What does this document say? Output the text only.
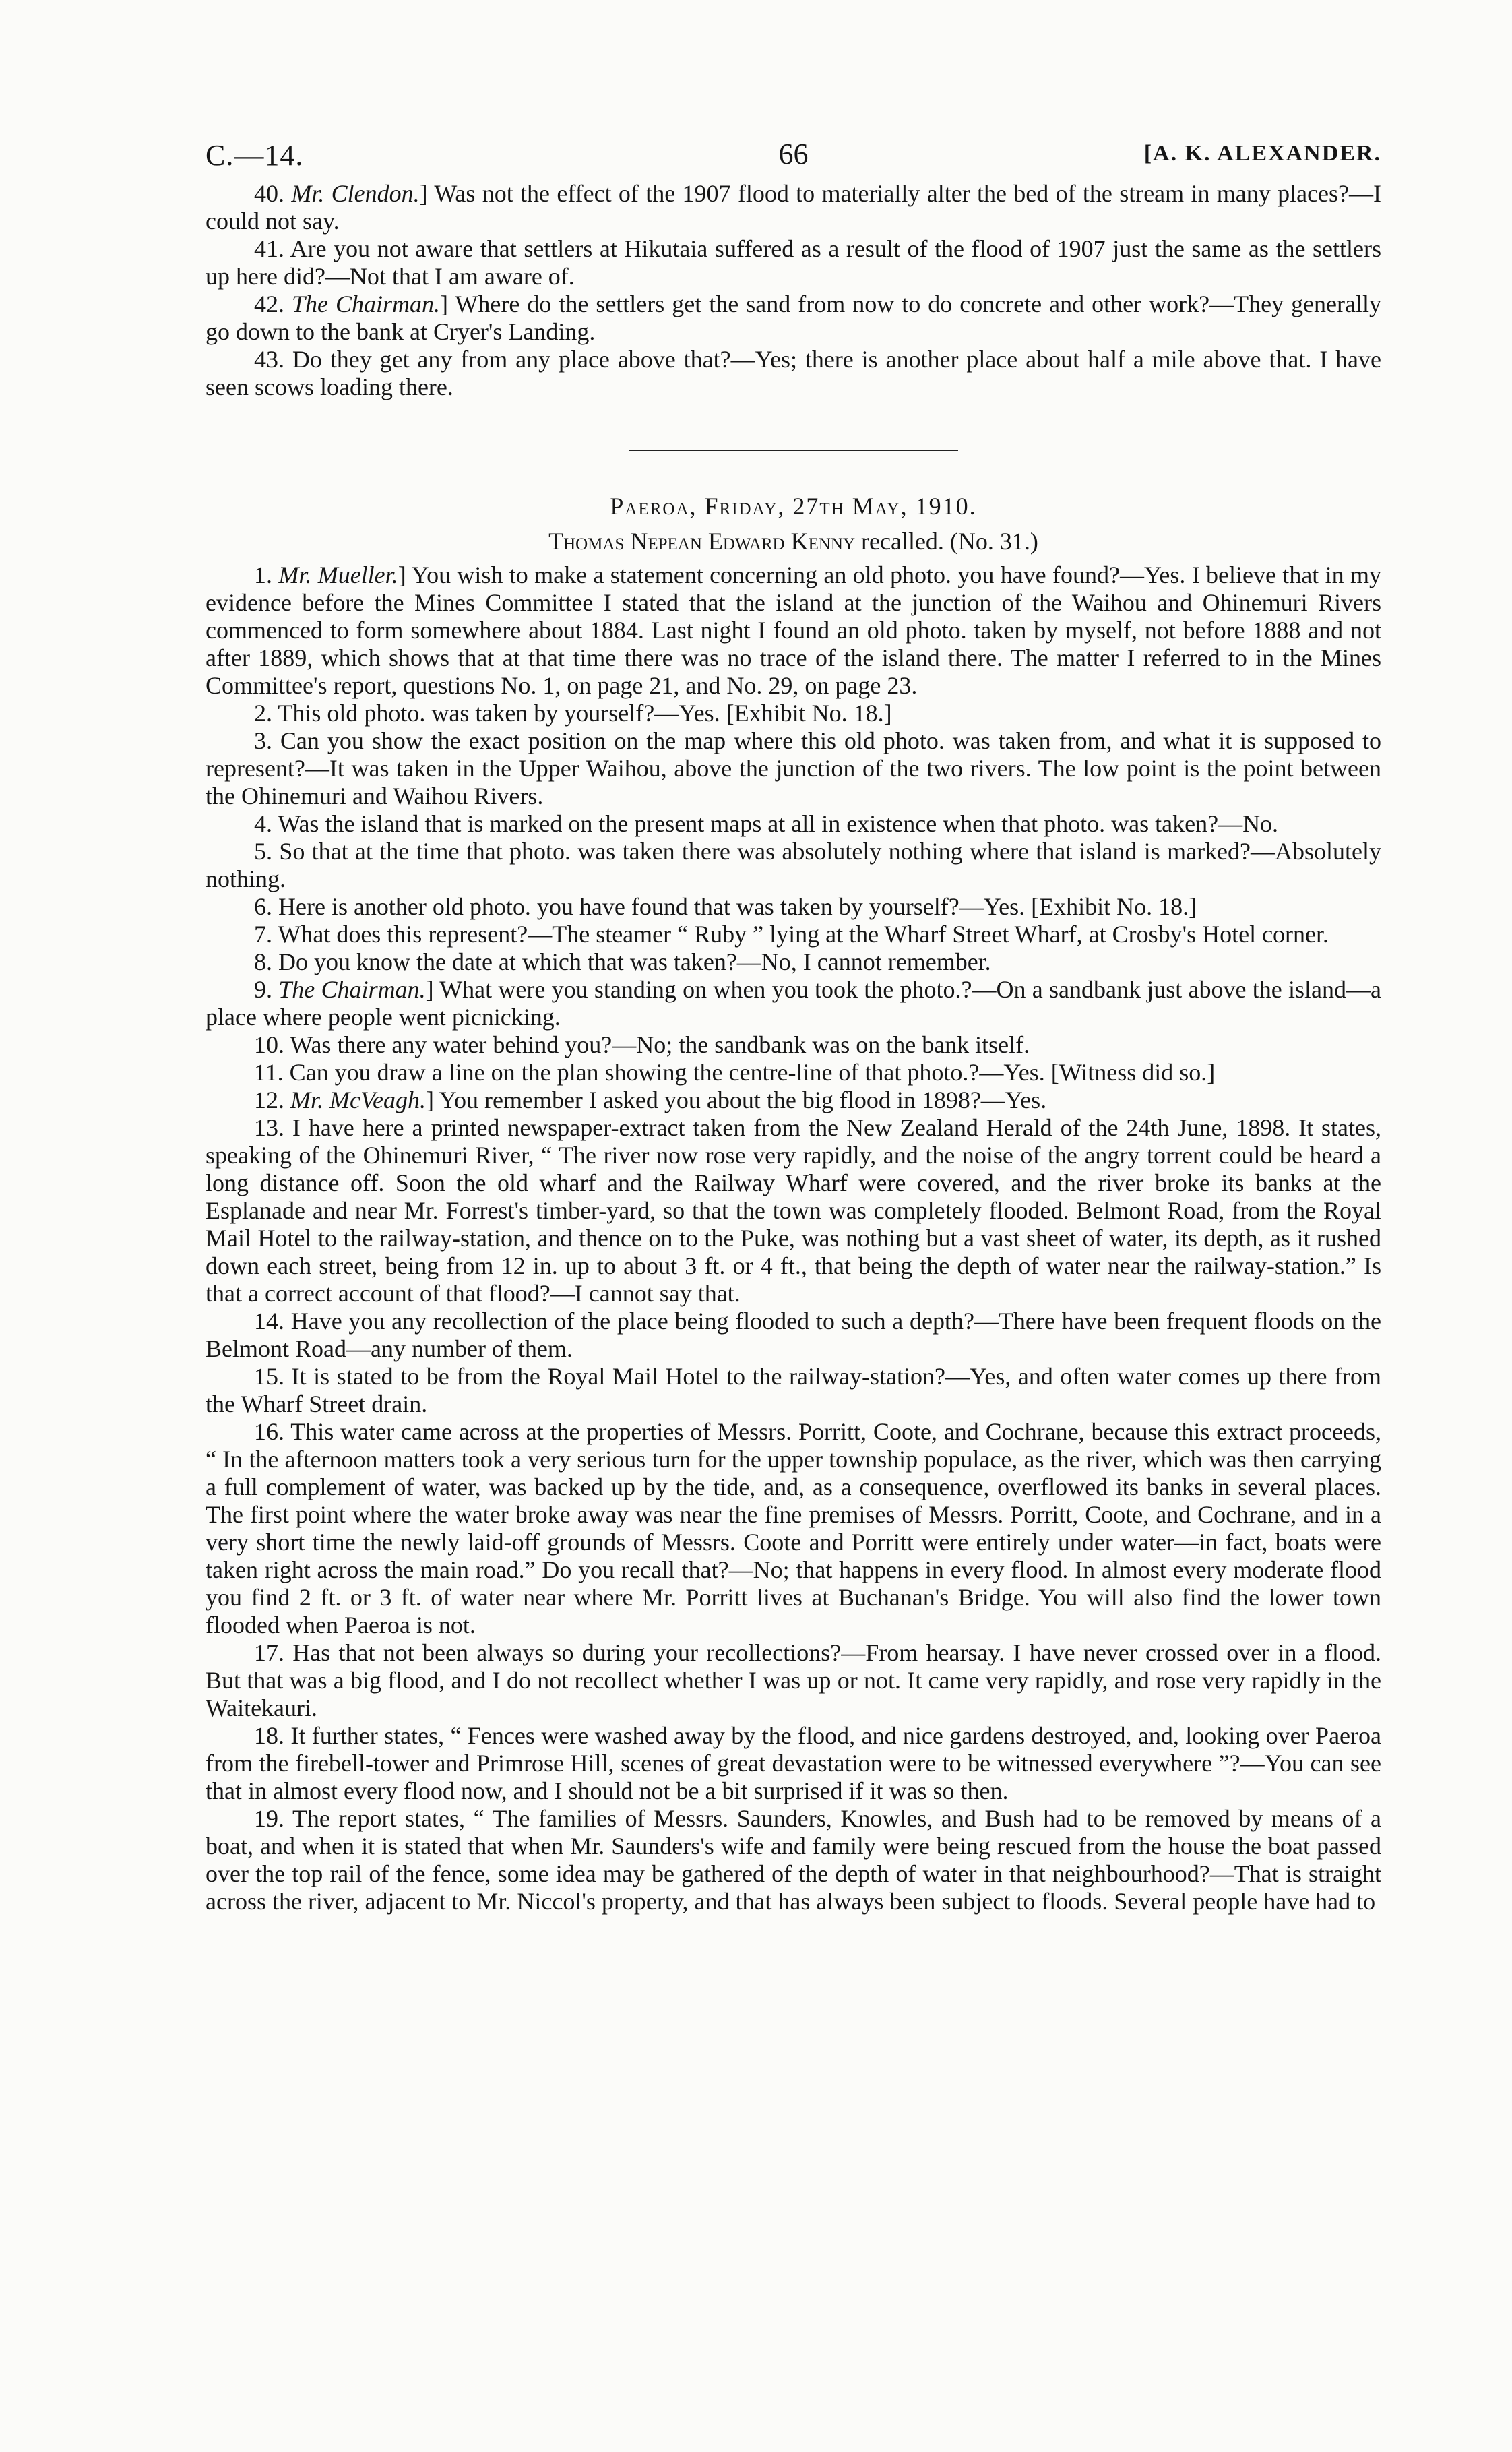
C.—14.	66	[A. K. ALEXANDER.

40. Mr. Clendon.] Was not the effect of the 1907 flood to materially alter the bed of the stream in many places?—I could not say.

41. Are you not aware that settlers at Hikutaia suffered as a result of the flood of 1907 just the same as the settlers up here did?—Not that I am aware of.

42. The Chairman.] Where do the settlers get the sand from now to do concrete and other work?—They generally go down to the bank at Cryer's Landing.

43. Do they get any from any place above that?—Yes; there is another place about half a mile above that. I have seen scows loading there.

Paeroa, Friday, 27th May, 1910.

Thomas Nepean Edward Kenny recalled. (No. 31.)

1. Mr. Mueller.] You wish to make a statement concerning an old photo. you have found?—Yes. I believe that in my evidence before the Mines Committee I stated that the island at the junction of the Waihou and Ohinemuri Rivers commenced to form somewhere about 1884. Last night I found an old photo. taken by myself, not before 1888 and not after 1889, which shows that at that time there was no trace of the island there. The matter I referred to in the Mines Committee's report, questions No. 1, on page 21, and No. 29, on page 23.

2. This old photo. was taken by yourself?—Yes. [Exhibit No. 18.]

3. Can you show the exact position on the map where this old photo. was taken from, and what it is supposed to represent?—It was taken in the Upper Waihou, above the junction of the two rivers. The low point is the point between the Ohinemuri and Waihou Rivers.

4. Was the island that is marked on the present maps at all in existence when that photo. was taken?—No.

5. So that at the time that photo. was taken there was absolutely nothing where that island is marked?—Absolutely nothing.

6. Here is another old photo. you have found that was taken by yourself?—Yes. [Exhibit No. 18.]

7. What does this represent?—The steamer “ Ruby ” lying at the Wharf Street Wharf, at Crosby's Hotel corner.

8. Do you know the date at which that was taken?—No, I cannot remember.

9. The Chairman.] What were you standing on when you took the photo.?—On a sandbank just above the island—a place where people went picnicking.

10. Was there any water behind you?—No; the sandbank was on the bank itself.

11. Can you draw a line on the plan showing the centre-line of that photo.?—Yes. [Witness did so.]

12. Mr. McVeagh.] You remember I asked you about the big flood in 1898?—Yes.

13. I have here a printed newspaper-extract taken from the New Zealand Herald of the 24th June, 1898. It states, speaking of the Ohinemuri River, “ The river now rose very rapidly, and the noise of the angry torrent could be heard a long distance off. Soon the old wharf and the Railway Wharf were covered, and the river broke its banks at the Esplanade and near Mr. Forrest's timber-yard, so that the town was completely flooded. Belmont Road, from the Royal Mail Hotel to the railway-station, and thence on to the Puke, was nothing but a vast sheet of water, its depth, as it rushed down each street, being from 12 in. up to about 3 ft. or 4 ft., that being the depth of water near the railway-station.” Is that a correct account of that flood?—I cannot say that.

14. Have you any recollection of the place being flooded to such a depth?—There have been frequent floods on the Belmont Road—any number of them.

15. It is stated to be from the Royal Mail Hotel to the railway-station?—Yes, and often water comes up there from the Wharf Street drain.

16. This water came across at the properties of Messrs. Porritt, Coote, and Cochrane, because this extract proceeds, “ In the afternoon matters took a very serious turn for the upper township populace, as the river, which was then carrying a full complement of water, was backed up by the tide, and, as a consequence, overflowed its banks in several places. The first point where the water broke away was near the fine premises of Messrs. Porritt, Coote, and Cochrane, and in a very short time the newly laid-off grounds of Messrs. Coote and Porritt were entirely under water—in fact, boats were taken right across the main road.” Do you recall that?—No; that happens in every flood. In almost every moderate flood you find 2 ft. or 3 ft. of water near where Mr. Porritt lives at Buchanan's Bridge. You will also find the lower town flooded when Paeroa is not.

17. Has that not been always so during your recollections?—From hearsay. I have never crossed over in a flood. But that was a big flood, and I do not recollect whether I was up or not. It came very rapidly, and rose very rapidly in the Waitekauri.

18. It further states, “ Fences were washed away by the flood, and nice gardens destroyed, and, looking over Paeroa from the firebell-tower and Primrose Hill, scenes of great devastation were to be witnessed everywhere ”?—You can see that in almost every flood now, and I should not be a bit surprised if it was so then.

19. The report states, “ The families of Messrs. Saunders, Knowles, and Bush had to be removed by means of a boat, and when it is stated that when Mr. Saunders's wife and family were being rescued from the house the boat passed over the top rail of the fence, some idea may be gathered of the depth of water in that neighbourhood?—That is straight across the river, adjacent to Mr. Niccol's property, and that has always been subject to floods. Several people have had to
